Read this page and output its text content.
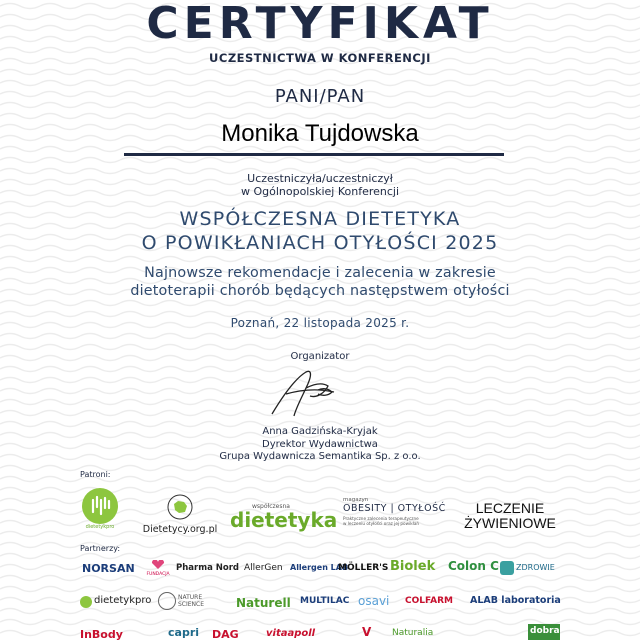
CERTYFIKAT
UCZESTNICTWA W KONFERENCJI
PANI/PAN
Monika Tujdowska
Uczestniczyła/uczestniczył
w Ogólnopolskiej Konferencji
WSPÓŁCZESNA DIETETYKA
O POWIKŁANIACH OTYŁOŚCI 2025
Najnowsze rekomendacje i zalecenia w zakresie
dietoterapii chorób będących następstwem otyłości
Poznań, 22 listopada 2025 r.
Organizator
Anna Gadzińska-Kryjak
Dyrektor Wydawnictwa
Grupa Wydawnicza Semantika Sp. z o.o.
Patroni:
dietetykpro	Dietetycy.org.pl
współczesna
dietetyka
magazyn
OBESITY | OTYŁOŚĆ
Praktyczne zalecenia terapeutyczne
w leczeniu otyłości oraz jej powikłań
LECZENIE
ŻYWIENIOWE
Partnerzy:
NORSAN	FUNDACJA
Pharma Nord AllerGen Allergen LAB
MÖLLER'S Biolek Colon C ZDROWIE
dietetykpro	NATURE SCIENCE	Naturell MULTILAC osavi COLFARM ALAB laboratoria
InBody	capri DAG	vitaapoll	V Naturalia	dobra
